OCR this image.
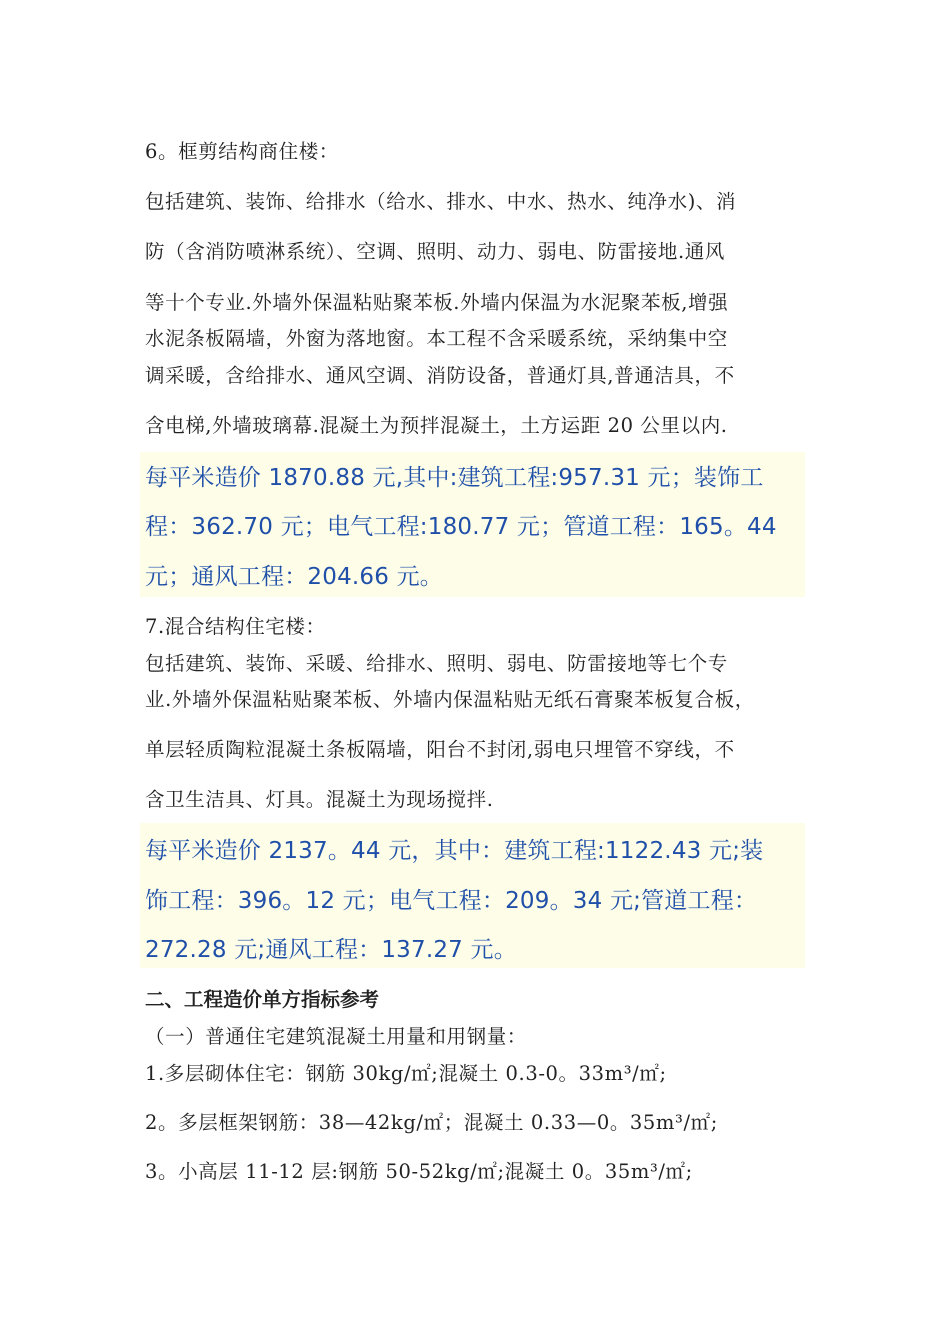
6。框剪结构商住楼：
包括建筑、装饰、给排水（给水、排水、中水、热水、纯净水)、消
防（含消防喷淋系统）、空调、照明、动力、弱电、防雷接地.通风
等十个专业.外墙外保温粘贴聚苯板.外墙内保温为水泥聚苯板,增强
水泥条板隔墙，外窗为落地窗。本工程不含采暖系统，采纳集中空
调采暖，含给排水、通风空调、消防设备，普通灯具,普通洁具，不
含电梯,外墙玻璃幕.混凝土为预拌混凝土，土方运距 20 公里以内.
每平米造价 1870.88 元,其中:建筑工程:957.31 元；装饰工
程：362.70 元；电气工程:180.77 元；管道工程：165。44
元；通风工程：204.66 元。
7.混合结构住宅楼：
包括建筑、装饰、采暖、给排水、照明、弱电、防雷接地等七个专
业.外墙外保温粘贴聚苯板、外墙内保温粘贴无纸石膏聚苯板复合板，
单层轻质陶粒混凝土条板隔墙，阳台不封闭,弱电只埋管不穿线，不
含卫生洁具、灯具。混凝土为现场搅拌.
每平米造价 2137。44 元，其中：建筑工程:1122.43 元;装
饰工程：396。12 元；电气工程：209。34 元;管道工程：
272.28 元;通风工程：137.27 元。
二、工程造价单方指标参考
（一）普通住宅建筑混凝土用量和用钢量：
1.多层砌体住宅：钢筋 30kg/㎡;混凝土 0.3-0。33m³/㎡;
2。多层框架钢筋：38—42kg/㎡；混凝土 0.33—0。35m³/㎡;
3。小高层 11-12 层:钢筋 50-52kg/㎡;混凝土 0。35m³/㎡;
